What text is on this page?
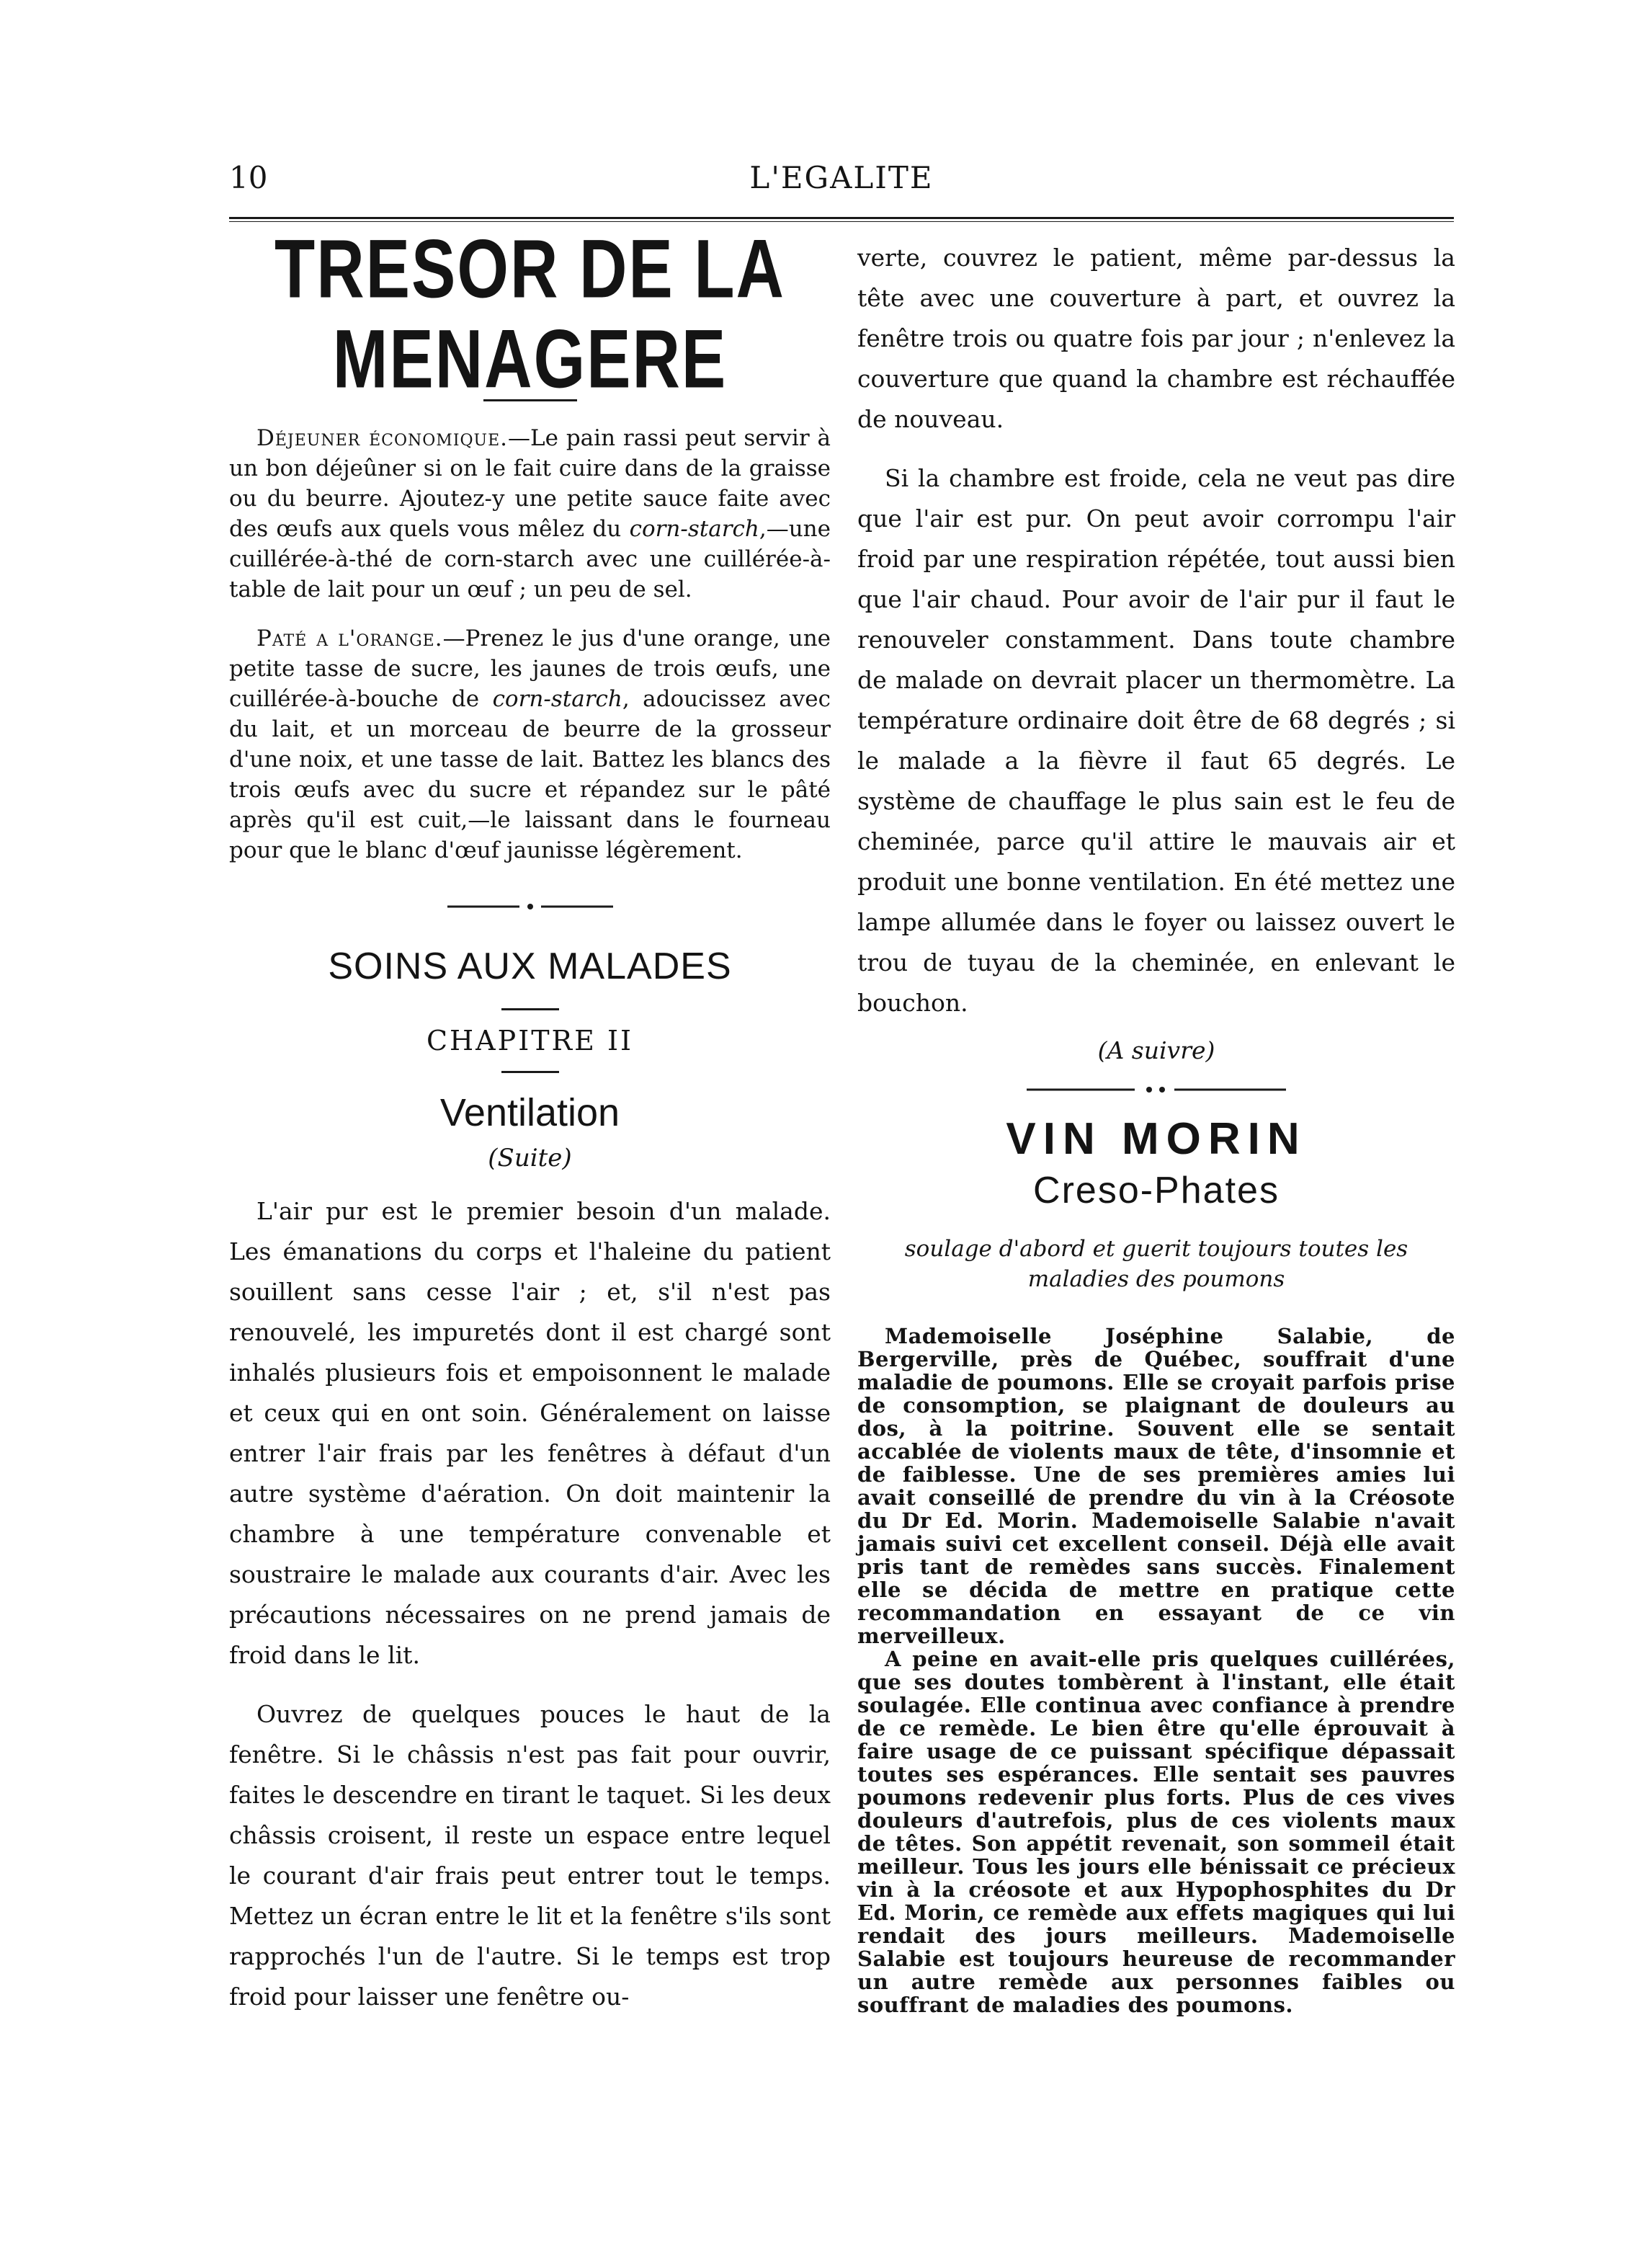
10	L'EGALITE
TRESOR DE LA MENAGERE

Déjeuner économique.—Le pain rassi peut servir à un bon déjeûner si on le fait cuire dans de la graisse ou du beurre. Ajoutez-y une petite sauce faite avec des œufs aux quels vous mêlez du corn-starch,—une cuillérée-à-thé de corn-starch avec une cuillérée-à-table de lait pour un œuf ; un peu de sel.

Paté a l'orange.—Prenez le jus d'une orange, une petite tasse de sucre, les jaunes de trois œufs, une cuillérée-à-bouche de corn-starch, adoucissez avec du lait, et un morceau de beurre de la grosseur d'une noix, et une tasse de lait. Battez les blancs des trois œufs avec du sucre et répandez sur le pâté après qu'il est cuit,—le laissant dans le fourneau pour que le blanc d'œuf jaunisse légèrement.

SOINS AUX MALADES
CHAPITRE II
Ventilation
(Suite)

L'air pur est le premier besoin d'un malade. Les émanations du corps et l'haleine du patient souillent sans cesse l'air ; et, s'il n'est pas renouvelé, les impuretés dont il est chargé sont inhalés plusieurs fois et empoisonnent le malade et ceux qui en ont soin. Généralement on laisse entrer l'air frais par les fenêtres à défaut d'un autre système d'aération. On doit maintenir la chambre à une température convenable et soustraire le malade aux courants d'air. Avec les précautions nécessaires on ne prend jamais de froid dans le lit.

Ouvrez de quelques pouces le haut de la fenêtre. Si le châssis n'est pas fait pour ouvrir, faites le descendre en tirant le taquet. Si les deux châssis croisent, il reste un espace entre lequel le courant d'air frais peut entrer tout le temps. Mettez un écran entre le lit et la fenêtre s'ils sont rapprochés l'un de l'autre. Si le temps est trop froid pour laisser une fenêtre ou-

verte, couvrez le patient, même par-dessus la tête avec une couverture à part, et ouvrez la fenêtre trois ou quatre fois par jour ; n'enlevez la couverture que quand la chambre est réchauffée de nouveau.

Si la chambre est froide, cela ne veut pas dire que l'air est pur. On peut avoir corrompu l'air froid par une respiration répétée, tout aussi bien que l'air chaud. Pour avoir de l'air pur il faut le renouveler constamment. Dans toute chambre de malade on devrait placer un thermomètre. La température ordinaire doit être de 68 degrés ; si le malade a la fièvre il faut 65 degrés. Le système de chauffage le plus sain est le feu de cheminée, parce qu'il attire le mauvais air et produit une bonne ventilation. En été mettez une lampe allumée dans le foyer ou laissez ouvert le trou de tuyau de la cheminée, en enlevant le bouchon.

(A suivre)
VIN MORIN
Creso-Phates
soulage d'abord et guerit toujours toutes les maladies des poumons

Mademoiselle Joséphine Salabie, de Bergerville, près de Québec, souffrait d'une maladie de poumons. Elle se croyait parfois prise de consomption, se plaignant de douleurs au dos, à la poitrine. Souvent elle se sentait accablée de violents maux de tête, d'insomnie et de faiblesse. Une de ses premières amies lui avait conseillé de prendre du vin à la Créosote du Dr Ed. Morin. Mademoiselle Salabie n'avait jamais suivi cet excellent conseil. Déjà elle avait pris tant de remèdes sans succès. Finalement elle se décida de mettre en pratique cette recommandation en essayant de ce vin merveilleux.

A peine en avait-elle pris quelques cuillérées, que ses doutes tombèrent à l'instant, elle était soulagée. Elle continua avec confiance à prendre de ce remède. Le bien être qu'elle éprouvait à faire usage de ce puissant spécifique dépassait toutes ses espérances. Elle sentait ses pauvres poumons redevenir plus forts. Plus de ces vives douleurs d'autrefois, plus de ces violents maux de têtes. Son appétit revenait, son sommeil était meilleur. Tous les jours elle bénissait ce précieux vin à la créosote et aux Hypophosphites du Dr Ed. Morin, ce remède aux effets magiques qui lui rendait des jours meilleurs. Mademoiselle Salabie est toujours heureuse de recommander un autre remède aux personnes faibles ou souffrant de maladies des poumons.
